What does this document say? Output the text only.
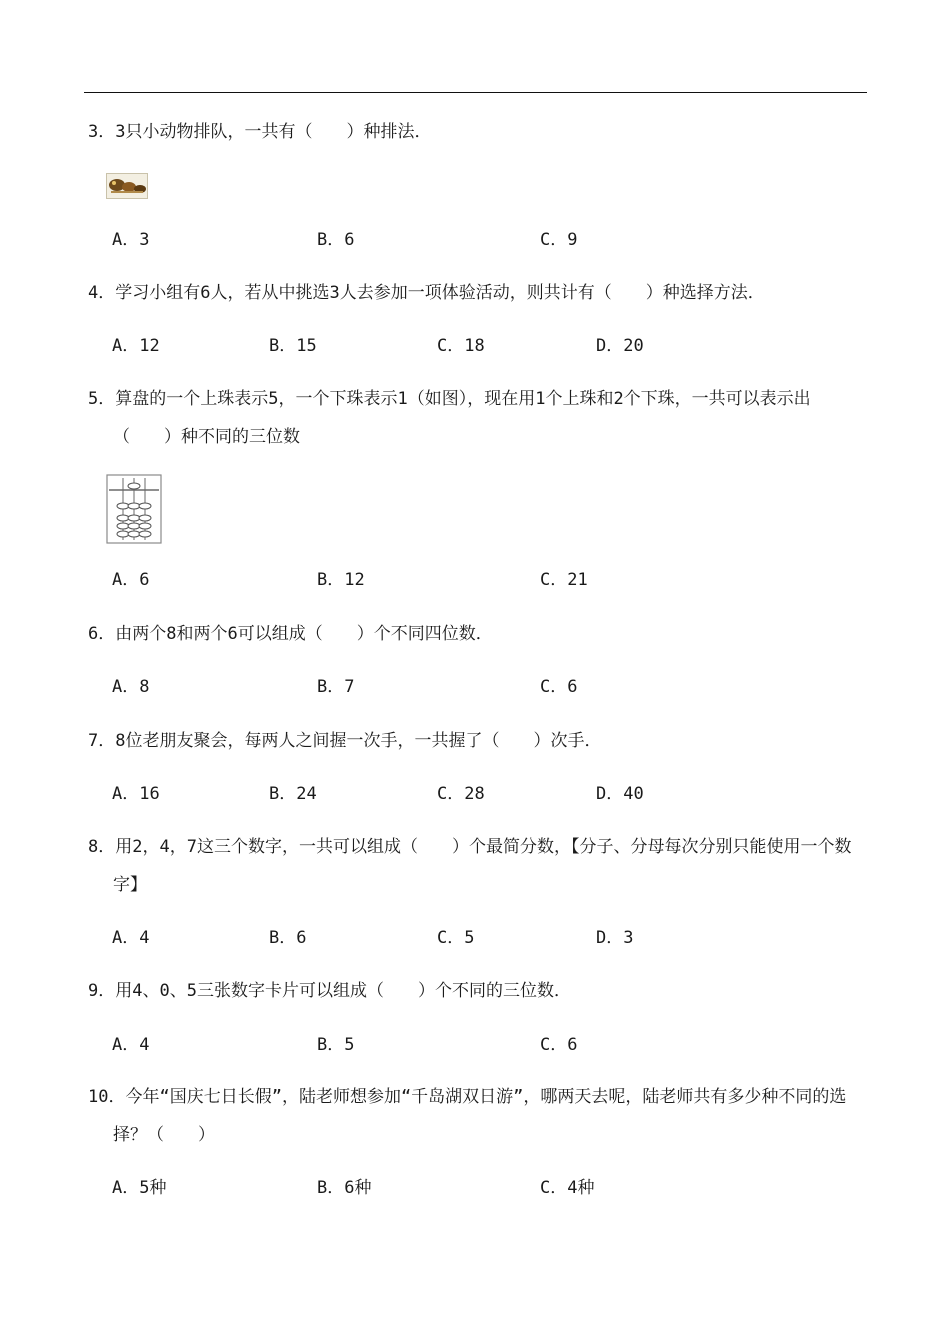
3．3只小动物排队，一共有（　　）种排法．
A．3	B．6	C．9
4．学习小组有6人，若从中挑选3人去参加一项体验活动，则共计有（　　）种选择方法．
A．12	B．15	C．18	D．20
5．算盘的一个上珠表示5，一个下珠表示1（如图），现在用1个上珠和2个下珠，一共可以表示出（　　）种不同的三位数
A．6	B．12	C．21
6．由两个8和两个6可以组成（　　）个不同四位数．
A．8	B．7	C．6
7．8位老朋友聚会，每两人之间握一次手，一共握了（　　）次手．
A．16	B．24	C．28	D．40
8．用2，4，7这三个数字，一共可以组成（　　）个最简分数，【分子、分母每次分别只能使用一个数字】
A．4	B．6	C．5	D．3
9．用4、0、5三张数字卡片可以组成（　　）个不同的三位数．
A．4	B．5	C．6
10．今年“国庆七日长假”，陆老师想参加“千岛湖双日游”，哪两天去呢，陆老师共有多少种不同的选择？（　　）
A．5种	B．6种	C．4种
